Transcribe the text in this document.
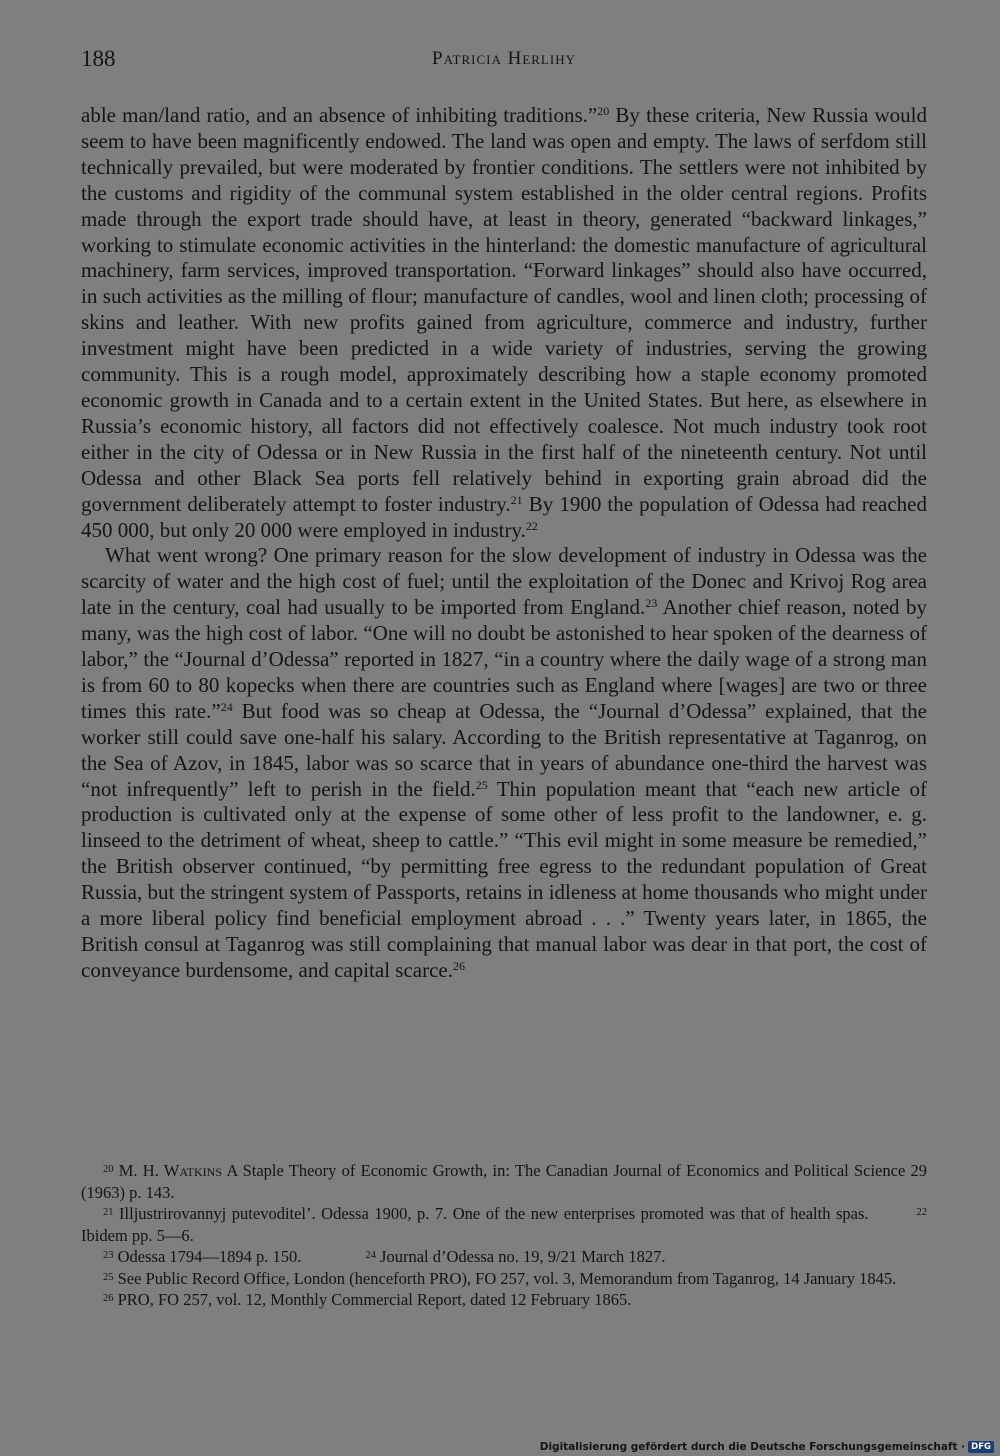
188	Patricia Herlihy

able man/land ratio, and an absence of inhibiting traditions.”$^{20}$ By these criteria, New Russia would seem to have been magnificently endowed. The land was open and empty. The laws of serfdom still technically prevailed, but were moderated by frontier conditions. The settlers were not inhibited by the customs and rigidity of the communal system established in the older central regions. Profits made through the export trade should have, at least in theory, generated “backward linkages,” working to stimulate economic activities in the hinterland: the domestic manufacture of agricultural machinery, farm services, improved transportation. “Forward linkages” should also have occurred, in such activities as the milling of flour; manufacture of candles, wool and linen cloth; processing of skins and leather. With new profits gained from agriculture, commerce and industry, further investment might have been predicted in a wide variety of industries, serving the growing community. This is a rough model, approximately describing how a staple economy promoted economic growth in Canada and to a certain extent in the United States. But here, as elsewhere in Russia’s economic history, all factors did not effectively coalesce. Not much industry took root either in the city of Odessa or in New Russia in the first half of the nineteenth century. Not until Odessa and other Black Sea ports fell relatively behind in exporting grain abroad did the government deliberately attempt to foster industry.$^{21}$ By 1900 the population of Odessa had reached 450 000, but only 20 000 were employed in industry.$^{22}$

What went wrong? One primary reason for the slow development of industry in Odessa was the scarcity of water and the high cost of fuel; until the exploitation of the Donec and Krivoj Rog area late in the century, coal had usually to be imported from England.$^{23}$ Another chief reason, noted by many, was the high cost of labor. “One will no doubt be astonished to hear spoken of the dearness of labor,” the “Journal d’Odessa” reported in 1827, “in a country where the daily wage of a strong man is from 60 to 80 kopecks when there are countries such as England where [wages] are two or three times this rate.”$^{24}$ But food was so cheap at Odessa, the “Journal d’Odessa” explained, that the worker still could save one-half his salary. According to the British representative at Taganrog, on the Sea of Azov, in 1845, labor was so scarce that in years of abundance one-third the harvest was “not infrequently” left to perish in the field.$^{25}$ Thin population meant that “each new article of production is cultivated only at the expense of some other of less profit to the landowner, e. g. linseed to the detriment of wheat, sheep to cattle.” “This evil might in some measure be remedied,” the British observer continued, “by permitting free egress to the redundant population of Great Russia, but the stringent system of Passports, retains in idleness at home thousands who might under a more liberal policy find beneficial employment abroad . . .” Twenty years later, in 1865, the British consul at Taganrog was still complaining that manual labor was dear in that port, the cost of conveyance burdensome, and capital scarce.$^{26}$

$^{20}$ M. H. Watkins A Staple Theory of Economic Growth, in: The Canadian Journal of Economics and Political Science 29 (1963) p. 143.

$^{21}$ Illjustrirovannyj putevoditel’. Odessa 1900, p. 7. One of the new enterprises promoted was that of health spas.	$^{22}$ Ibidem pp. 5—6.

$^{23}$ Odessa 1794—1894 p. 150.	$^{24}$ Journal d’Odessa no. 19, 9/21 March 1827.

$^{25}$ See Public Record Office, London (henceforth PRO), FO 257, vol. 3, Memorandum from Taganrog, 14 January 1845.

$^{26}$ PRO, FO 257, vol. 12, Monthly Commercial Report, dated 12 February 1865.

Digitalisierung gefördert durch die Deutsche Forschungsgemeinschaft · DFG
